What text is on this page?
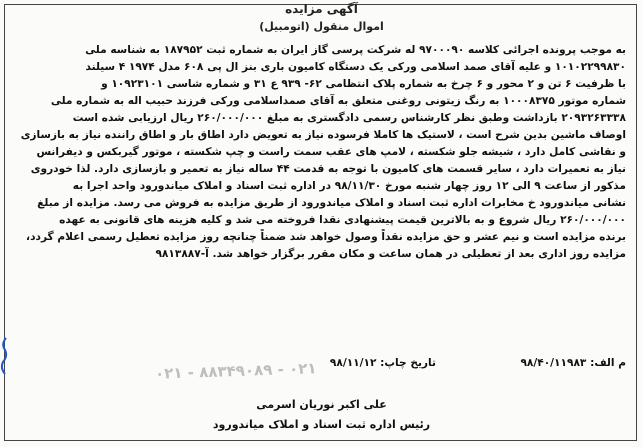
آگهی مزایده
اموال منقول (اتومبیل)
به موجب پرونده اجرائی کلاسه ۹۷۰۰۰۹۰ له شرکت پرسی گاز ایران به شماره ثبت ۱۸۷۹۵۲ به شناسه ملی
۱۰۱۰۲۲۹۹۸۳۰ و علیه آقای صمد اسلامی ورکی یک دستگاه کامیون باری بنز ال پی ۶۰۸ مدل ۱۹۷۴ ۴ سیلند
با ظرفیت ۶ تن و ۲ محور و ۶ چرخ به شماره پلاک انتظامی ۶۲- ۹۳۹ ع ۳۱ و شماره شاسی ۱۰۹۲۳۱۰۱ و
شماره موتور ۱۰۰۰۸۳۷۵ به رنگ زیتونی روغنی متعلق به آقای صمداسلامی ورکی فرزند حبیب اله به شماره ملی
۲۰۹۳۲۶۳۳۳۸ بازداشت وطبق نظر کارشناس رسمی دادگستری به مبلغ ۲۶۰/۰۰۰/۰۰۰ ریال ارزیابی شده است
اوصاف ماشین بدین شرح است ، لاستیک ها کاملا فرسوده نیاز به تعویض دارد اطاق بار و اطاق راننده نیاز به بازسازی
و نقاشی کامل دارد ، شیشه جلو شکسته ، لامپ های عقب سمت راست و چپ شکسته ، موتور گیربکس و دیفرانس
نیاز به تعمیرات دارد ، سایر قسمت های کامیون با توجه به قدمت ۴۴ ساله نیاز به تعمیر و بازسازی دارد. لذا خودروی
مذکور از ساعت ۹ الی ۱۲ روز چهار شنبه مورخ ۹۸/۱۱/۳۰ در اداره ثبت اسناد و املاک میاندورود واحد اجرا به
نشانی میاندورود خ مخابرات اداره ثبت اسناد و املاک میاندورود از طریق مزایده به فروش می رسد. مزایده از مبلغ
۲۶۰/۰۰۰/۰۰۰ ریال شروع و به بالاترین قیمت پیشنهادی نقدا فروخته می شد و کلیه هزینه های قانونی به عهده
برنده مزایده است و نیم عشر و حق مزایده نقداً وصول خواهد شد ضمناً چنانچه روز مزایده تعطیل رسمی اعلام گردد،
مزایده روز اداری بعد از تعطیلی در همان ساعت و مکان مقرر برگزار خواهد شد. آ-۹۸۱۳۸۸۷
م الف: ۹۸/۴۰/۱۱۹۸۳
تاریخ چاپ: ۹۸/۱۱/۱۲
۰۲۱ - ۸۸۳۴۹۰۸۹ - ۰۲۱
علی اکبر نوریان اسرمی
رئیس اداره ثبت اسناد و املاک میاندورود
